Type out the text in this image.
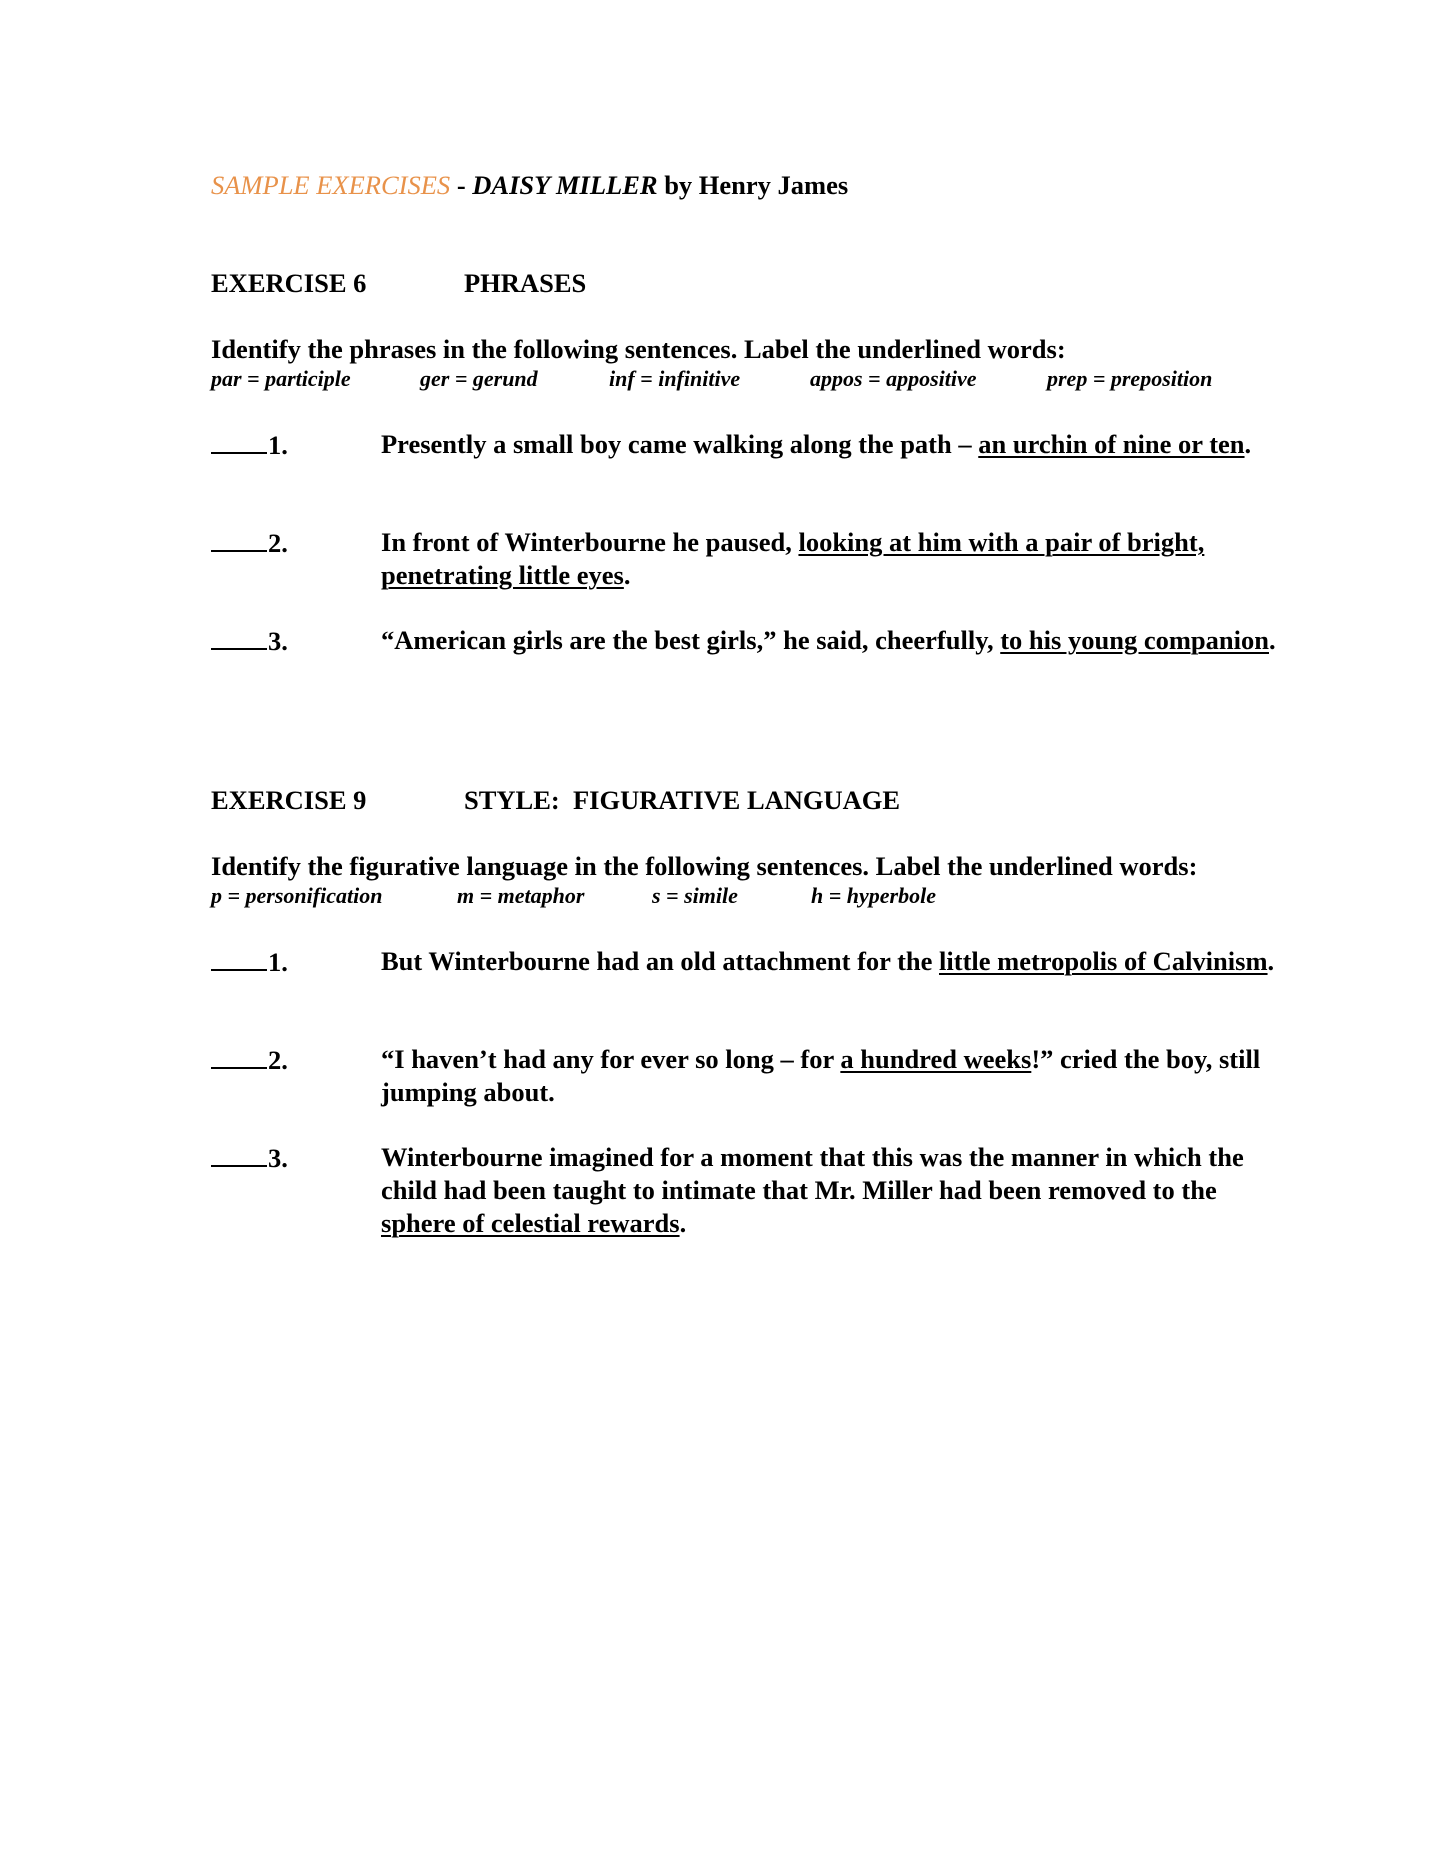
SAMPLE EXERCISES - DAISY MILLER by Henry James
EXERCISE 6	PHRASES
Identify the phrases in the following sentences. Label the underlined words:
par = participle	ger = gerund	inf = infinitive	appos = appositive	prep = preposition
1.	Presently a small boy came walking along the path – an urchin of nine or ten.
2.	In front of Winterbourne he paused, looking at him with a pair of bright, penetrating little eyes.
3.	“American girls are the best girls,” he said, cheerfully, to his young companion.
EXERCISE 9	STYLE:  FIGURATIVE LANGUAGE
Identify the figurative language in the following sentences. Label the underlined words:
p = personification	m = metaphor	s = simile	h = hyperbole
1.	But Winterbourne had an old attachment for the little metropolis of Calvinism.
2.	“I haven’t had any for ever so long – for a hundred weeks!” cried the boy, still jumping about.
3.	Winterbourne imagined for a moment that this was the manner in which the child had been taught to intimate that Mr. Miller had been removed to the sphere of celestial rewards.
